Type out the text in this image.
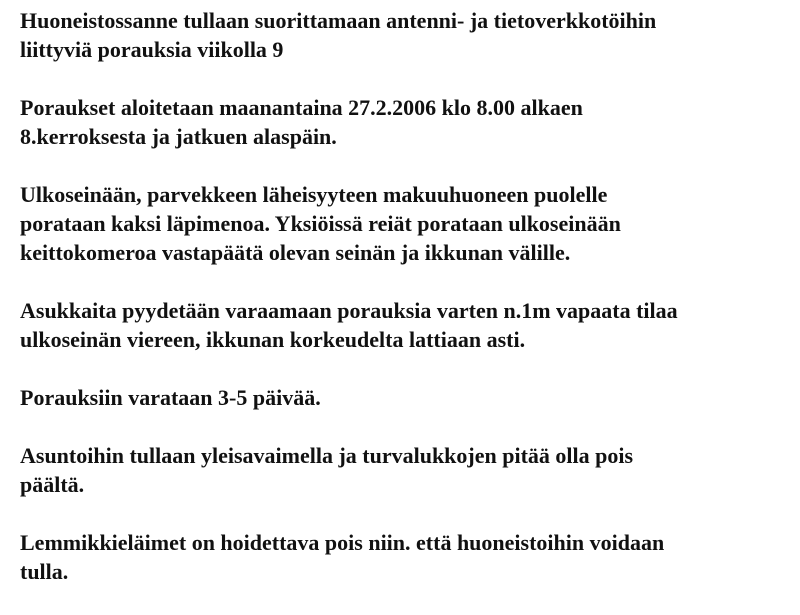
Huoneistossanne tullaan suorittamaan antenni- ja tietoverkkotöihin
liittyviä porauksia viikolla 9
Poraukset aloitetaan maanantaina 27.2.2006 klo 8.00 alkaen
8.kerroksesta ja jatkuen alaspäin.
Ulkoseinään, parvekkeen läheisyyteen makuuhuoneen puolelle
porataan kaksi läpimenoa. Yksiöissä reiät porataan ulkoseinään
keittokomeroa vastapäätä olevan seinän ja ikkunan välille.
Asukkaita pyydetään varaamaan porauksia varten n.1m vapaata tilaa
ulkoseinän viereen, ikkunan korkeudelta lattiaan asti.
Porauksiin varataan 3-5 päivää.
Asuntoihin tullaan yleisavaimella ja turvalukkojen pitää olla pois
päältä.
Lemmikkieläimet on hoidettava pois niin. että huoneistoihin voidaan
tulla.
